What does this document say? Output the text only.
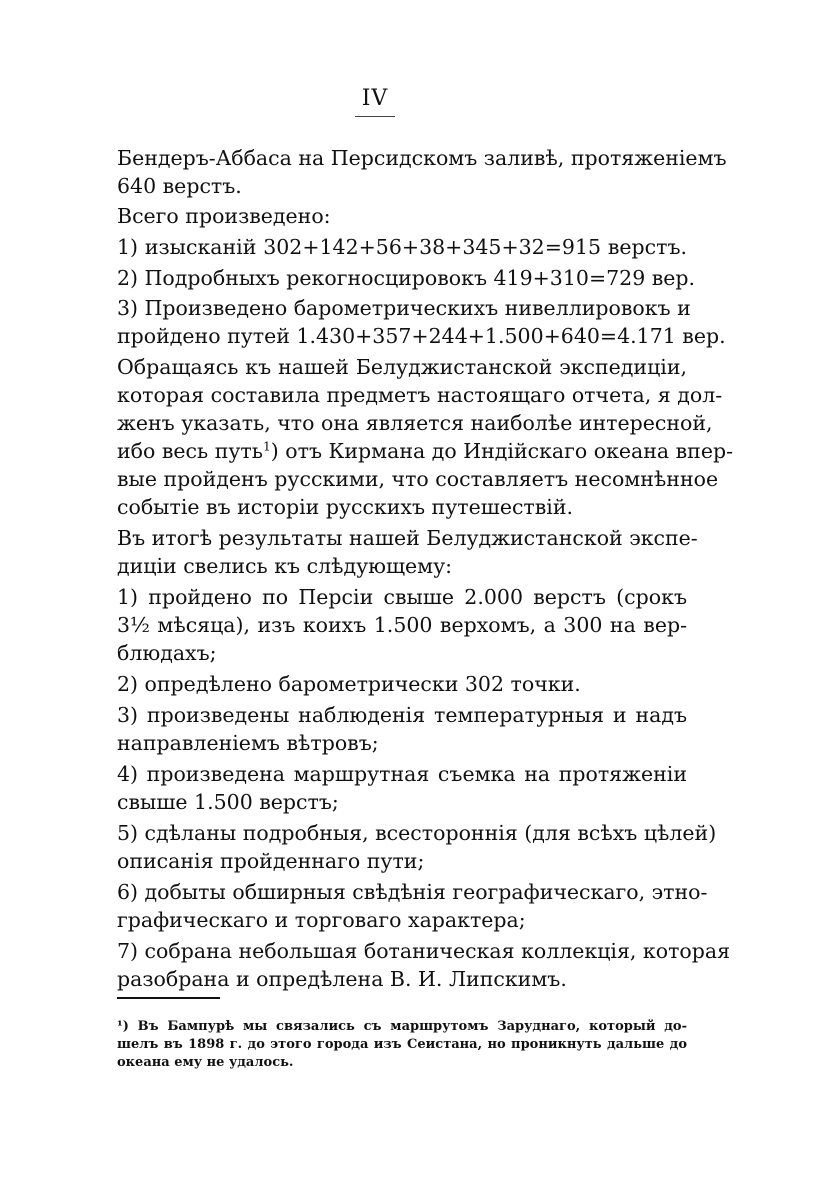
IV
Бендеръ-Аббаса на Персидскомъ заливѣ, протяженіемъ
640 верстъ.
Всего произведено:
1) изысканій 302+142+56+38+345+32=915 верстъ.
2) Подробныхъ рекогносцировокъ 419+310=729 вер.
3) Произведено барометрическихъ нивеллировокъ и
пройдено путей 1.430+357+244+1.500+640=4.171 вер.
Обращаясь къ нашей Белуджистанской экспедиціи,
которая составила предметъ настоящаго отчета, я дол-
женъ указать, что она является наиболѣе интересной,
ибо весь путь$^1$) отъ Кирмана до Индійскаго океана впер-
вые пройденъ русскими, что составляетъ несомнѣнное
событіе въ исторіи русскихъ путешествій.
Въ итогѣ результаты нашей Белуджистанской экспе-
диціи свелись къ слѣдующему:
1) пройдено по Персіи свыше 2.000 верстъ (срокъ
3½ мѣсяца), изъ коихъ 1.500 верхомъ, а 300 на вер-
блюдахъ;
2) опредѣлено барометрически 302 точки.
3) произведены наблюденія температурныя и надъ
направленіемъ вѣтровъ;
4) произведена маршрутная съемка на протяженіи
свыше 1.500 верстъ;
5) сдѣланы подробныя, всестороннія (для всѣхъ цѣлей)
описанія пройденнаго пути;
6) добыты обширныя свѣдѣнія географическаго, этно-
графическаго и торговаго характера;
7) собрана небольшая ботаническая коллекція, которая
разобрана и опредѣлена В. И. Липскимъ.
¹) Въ Бампурѣ мы связались съ маршрутомъ Заруднаго, который до-
шелъ въ 1898 г. до этого города изъ Сеистана, но проникнуть дальше до
океана ему не удалось.
